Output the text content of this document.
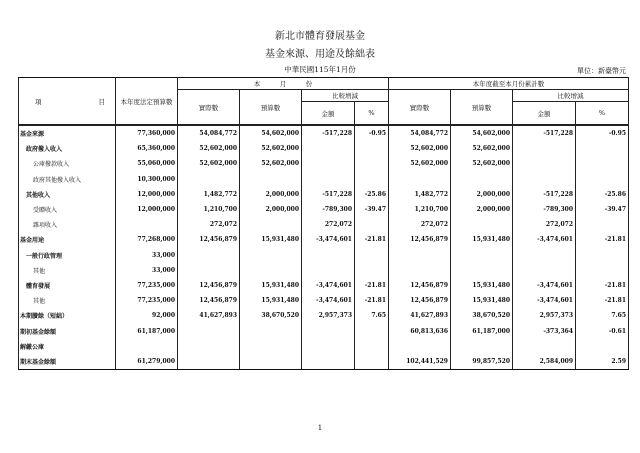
新北市體育發展基金
基金來源、用途及餘絀表
中華民國115年1月份	單位：新臺幣元
項 目	本年度法定預算數	本　　　月　　　份				本年度截至本月份累計數			
		實際數	預算數	比較增減		實際數	預算數	比較增減	
				金額	%			金額	%
基金來源	77,360,000	54,084,772	54,602,000	-517,228	-0.95	54,084,772	54,602,000	-517,228	-0.95
政府撥入收入	65,360,000	52,602,000	52,602,000			52,602,000	52,602,000		
公庫撥款收入	55,060,000	52,602,000	52,602,000			52,602,000	52,602,000		
政府其他撥入收入	10,300,000								
其他收入	12,000,000	1,482,772	2,000,000	-517,228	-25.86	1,482,772	2,000,000	-517,228	-25.86
受贈收入	12,000,000	1,210,700	2,000,000	-789,300	-39.47	1,210,700	2,000,000	-789,300	-39.47
雜項收入		272,072		272,072		272,072		272,072	
基金用途	77,268,000	12,456,879	15,931,480	-3,474,601	-21.81	12,456,879	15,931,480	-3,474,601	-21.81
一般行政管理	33,000								
其他	33,000								
體育發展	77,235,000	12,456,879	15,931,480	-3,474,601	-21.81	12,456,879	15,931,480	-3,474,601	-21.81
其他	77,235,000	12,456,879	15,931,480	-3,474,601	-21.81	12,456,879	15,931,480	-3,474,601	-21.81
本期賸餘（短絀）	92,000	41,627,893	38,670,520	2,957,373	7.65	41,627,893	38,670,520	2,957,373	7.65
期初基金餘額	61,187,000					60,813,636	61,187,000	-373,364	-0.61
解繳公庫									
期末基金餘額	61,279,000					102,441,529	99,857,520	2,584,009	2.59
1
